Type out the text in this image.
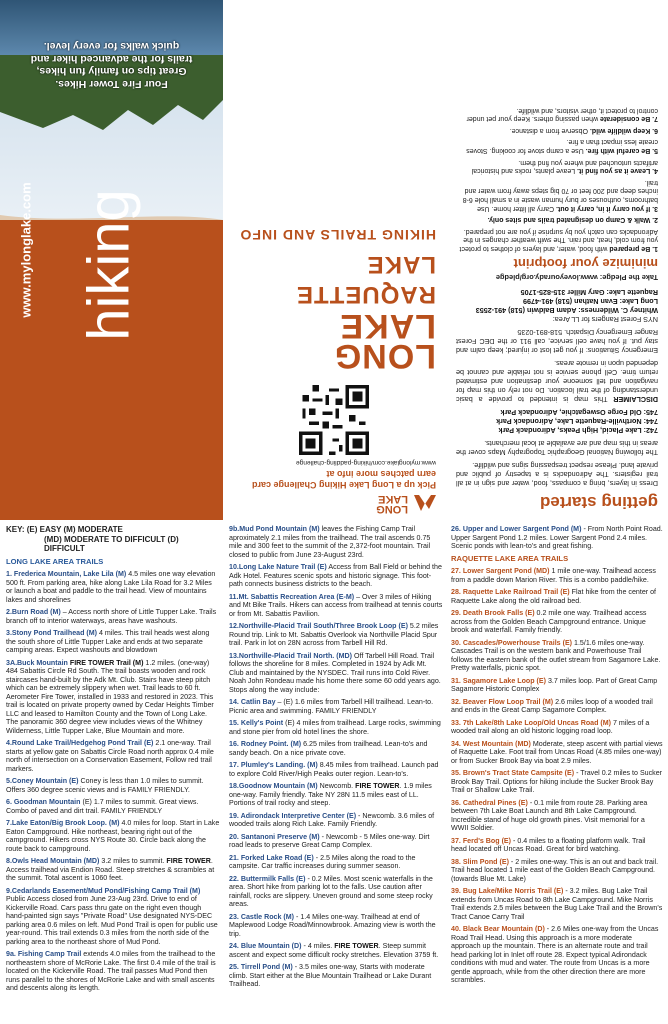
getting started

Dress in layers, bring a compass, food, water and sign in at all trail registers. The Adirondacks is a tapestry of public and private land. Please respect trespassing signs and wildlife.

The following National Geographic Topography Maps cover the areas in this map and are available at local merchants.

742: Lake Placid, High Peaks, Adirondack Park

744: Northville-Raquette Lake, Adirondack Park

745: Old Forge Oswegatchie, Adirondack Park

DISCLAIMER This map is intended to provide a basic understanding of the trail location. Do not rely on this map for navigation and tell someone your destination and estimated return time. Cell phone service is not reliable and cannot be depended upon in remote areas.

Emergency Situations: If you get lost or injured; keep calm and stay put. If you have cell service, call 911 or the DEC Forest Ranger Emergency Dispatch. 518-891-0235

NYS Forest Rangers for LL Area:

Whitney C. Wilderness: Adam Baldwin (518) 491-2553

Long Lake: Evan Nathan (518) 491-4799

Raquette Lake: Gary Miller 315-825-1705

Take the Pledge: www.loveyourady.org/pledge
minimize your footprint

1. Be prepared with food, water, and layers of clothes to protect you from cold, heat, and rain. The swift weather changes in the Adirondacks can catch you by surprise if you are not prepared.

2. Walk & Camp on designated trails and sites only.

3. If you carry it in, carry it out. Carry all litter home. Use bathrooms, outhouses or bury human waste in a small hole 6-8 inches deep and 200 feet or 70 big steps away from water and trail.

4. Leave it as you find it. Leave plants, rocks and historical artifacts untouched and where you find them.

5. Be careful with fire. Use a camp stove for cooking. Stoves create less impact than a fire.

6. Keep wildlife wild. Observe from a distance.

7. Be considerate when passing others. Keep your pet under control to protect it, other visitors, and wildlife.

LONG
LAKE
Pick up a Long Lake Hiking Challenge card earn patches more info at
www.mylonglake.com/hiking-paddling-challenge
LONG LAKE
RAQUETTE LAKE
HIKING TRAILS AND INFO
hiking
www.mylonglake.com
Four Fire Tower Hikes.
Great tips on family fun hikes,
trails for the advanced hiker and
quick walks for every level.
KEY: (E) EASY (M) MODERATE
(MD) MODERATE TO DIFFICULT (D) DIFFICULT
LONG LAKE AREA TRAILS

1. Frederica Mountain, Lake Lila (M) 4.5 miles one way elevation 500 ft. From parking area, hike along Lake Lila Road for 3.2 Miles or launch a boat and paddle to the trail head. View of mountains lakes and shorelines

2.Burn Road (M) – Access north shore of Little Tupper Lake. Trails branch off to interior waterways, areas have washouts.

3.Stony Pond Trailhead (M) 4 miles. This trail heads west along the south shore of Little Tupper Lake and ends at two separate camping areas. Expect washouts and blowdown

3A.Buck Mountain FIRE TOWER Trail (M) 1.2 miles. (one-way) 484 Sabattis Circle Rd South. The trail boasts wooden and rock staircases hand-built by the Adk Mt. Club. Stairs have steep pitch which can be extremely slippery when wet. Trail leads to 60 ft. Aerometer Fire Tower, installed in 1933 and restored in 2023. This trail is located on private property owned by Cedar Heights Timber LLC and leased to Hamilton County and the Town of Long Lake. The panoramic 360 degree view includes views of the Whitney Wilderness, Little Tupper Lake, Blue Mountain and more.

4.Round Lake Trail/Hedgehog Pond Trail (E) 2.1 one-way. Trail starts at yellow gate on Sabattis Circle Road north approx 0.4 mile north of intersection on a Conservation Easement, Follow red trail markers.

5.Coney Mountain (E) Coney is less than 1.0 miles to summit. Offers 360 degree scenic views and is FAMILY FRIENDLY.

6. Goodman Mountain (E) 1.7 miles to summit. Great views. Combo of paved and dirt trail. FAMILY FRIENDLY

7.Lake Eaton/Big Brook Loop. (M) 4.0 miles for loop. Start in Lake Eaton Campground. Hike northeast, bearing right out of the campground. Hikers cross NYS Route 30. Circle back along the route back to campground.

8.Owls Head Mountain (MD) 3.2 miles to summit. FIRE TOWER. Access trailhead via Endion Road. Steep stretches & scrambles at the summit. Total ascent is 1060 feet.

9.Cedarlands Easement/Mud Pond/Fishing Camp Trail (M) Public Access closed from June 23-Aug 23rd. Drive to end of Kickerville Road. Cars pass thru gate on the right even though hand-painted sign says "Private Road" Use designated NYS-DEC parking area 0.6 miles on left. Mud Pond Trail is open for public use year-round. This trail extends 0.3 miles from the north side of the parking area to the northeast shore of Mud Pond.

9a. Fishing Camp Trail extends 4.0 miles from the trailhead to the northeastern shore of McRorie Lake. The first 0.4 mile of the trail is located on the Kickerville Road. The trail passes Mud Pond then runs parallel to the shores of McRorie Lake and with small ascents and descents along its length.

9b.Mud Pond Mountain (M) leaves the Fishing Camp Trail aproximately 2.1 miles from the trailhead. The trail ascends 0.75 mile and 300 feet to the summit of the 2,372-foot mountain. Trail closed to public from June 23-August 23rd.

10.Long Lake Nature Trail (E) Access from Ball Field or behind the Adk Hotel. Features scenic spots and historic signage. This foot-path connects business districts to the beach.

11.Mt. Sabattis Recreation Area (E-M) – Over 3 miles of Hiking and Mt Bike Trails. Hikers can access from trailhead at tennis courts or from Mt. Sabattis Pavilion.

12.Northville-Placid Trail South/Three Brook Loop (E) 5.2 miles Round trip. Link to Mt. Sabattis Overlook via Northville Placid Spur trail. Park in lot on 28N across from Tarbell Hill Rd.

13.Northville-Placid Trail North. (MD) Off Tarbell Hill Road. Trail follows the shoreline for 8 miles. Completed in 1924 by Adk Mt. Club and maintained by the NYSDEC. Trail runs into Cold River. Noah John Rondeau made his home there some 60 odd years ago. Stops along the way include:

14. Catlin Bay – (E) 1.6 miles from Tarbell Hill trailhead. Lean-to. Picnic area and swimming. FAMILY FRIENDLY

15. Kelly's Point (E) 4 miles from trailhead. Large rocks, swimming and stone pier from old hotel lines the shore.

16. Rodney Point. (M) 6.25 miles from trailhead. Lean-to's and sandy beach. On a nice private cove.

17. Plumley's Landing. (M) 8.45 miles from trailhead. Launch pad to explore Cold River/High Peaks outer region. Lean-to's.

18.Goodnow Mountain (M) Newcomb. FIRE TOWER. 1.9 miles one-way. Family friendly. Take NY 28N 11.5 miles east of LL. Portions of trail rocky and steep.

19. Adirondack Interpretive Center (E) - Newcomb. 3.6 miles of wooded trails along Rich Lake. Family Friendly.

20. Santanoni Preserve (M) - Newcomb - 5 Miles one-way. Dirt road leads to preserve Great Camp Complex.

21. Forked Lake Road (E) - 2.5 Miles along the road to the campsite. Car traffic increases during summer season.

22. Buttermilk Falls (E) - 0.2 Miles. Most scenic waterfalls in the area. Short hike from parking lot to the falls. Use caution after rainfall, rocks are slippery. Uneven ground and some steep rocky areas.

23. Castle Rock (M) - 1.4 Miles one-way. Trailhead at end of Maplewood Lodge Road/Minnowbrook. Amazing view is worth the trip.

24. Blue Mountain (D) - 4 miles. FIRE TOWER. Steep summit ascent and expect some difficult rocky stretches. Elevation 3759 ft.

25. Tirrell Pond (M) - 3.5 miles one-way, Starts with moderate climb. Start either at the Blue Mountain Trailhead or Lake Durant Trailhead.

26. Upper and Lower Sargent Pond (M) - From North Point Road. Upper Sargent Pond 1.2 miles. Lower Sargent Pond 2.4 miles. Scenic ponds with lean-to's and great fishing.

RAQUETTE LAKE AREA TRAILS

27. Lower Sargent Pond (MD) 1 mile one-way. Trailhead access from a paddle down Marion River. This is a combo paddle/hike.

28. Raquette Lake Railroad Trail (E) Flat hike from the center of Raquette Lake along the old railroad bed.

29. Death Brook Falls (E) 0.2 mile one way. Trailhead access across from the Golden Beach Campground entrance. Unique brook and waterfall. Family friendly.

30. Cascades/Powerhouse Trails (E) 1.5/1.6 miles one-way. Cascades Trail is on the western bank and Powerhouse Trail follows the eastern bank of the outlet stream from Sagamore Lake. Pretty waterfalls, picnic spot.

31. Sagamore Lake Loop (E) 3.7 miles loop. Part of Great Camp Sagamore Historic Complex

32. Beaver Flow Loop Trail (M) 2.6 miles loop of a wooded trail and ends in the Great Camp Sagamore Complex.

33. 7th Lake/8th Lake Loop/Old Uncas Road (M) 7 miles of a wooded trail along an old historic logging road loop.

34. West Mountain (MD) Moderate, steep ascent with partial views of Raquette Lake. Foot trail from Uncas Road (4.85 miles one-way) or from Sucker Brook Bay via boat 2.9 miles.

35. Brown's Tract State Campsite (E) - Travel 0.2 miles to Sucker Brook Bay Trail. Options for hiking include the Sucker Brook Bay Trail or Shallow Lake Trail.

36. Cathedral Pines (E) - 0.1 mile from route 28. Parking area between 7th Lake Boat Launch and 8th Lake Campground. Incredible stand of huge old growth pines. Visit memorial for a WWII Soldier.

37. Ferd's Bog (E) - 0.4 miles to a floating platform walk. Trail head located off Uncas Road. Great for bird watching.

38. Slim Pond (E) - 2 miles one-way. This is an out and back trail. Trail head located 1 mile east of the Golden Beach Campground. (towards Blue Mt. Lake)

39. Bug Lake/Mike Norris Trail (E) - 3.2 miles. Bug Lake Trail extends from Uncas Road to 8th Lake Campground. Mike Norris Trail extends 2.5 miles between the Bug Lake Trail and the Brown's Tract Canoe Carry Trail

40. Black Bear Mountain (D) - 2.6 Miles one-way from the Uncas Road Trail Head. Using this approach is a more moderate approach up the mountain. There is an alternate route and trail head parking lot in Inlet off route 28. Expect typical Adirondack conditions with mud and water. The route from Uncas is a more gentle approach, while from the other direction there are more scrambles.
